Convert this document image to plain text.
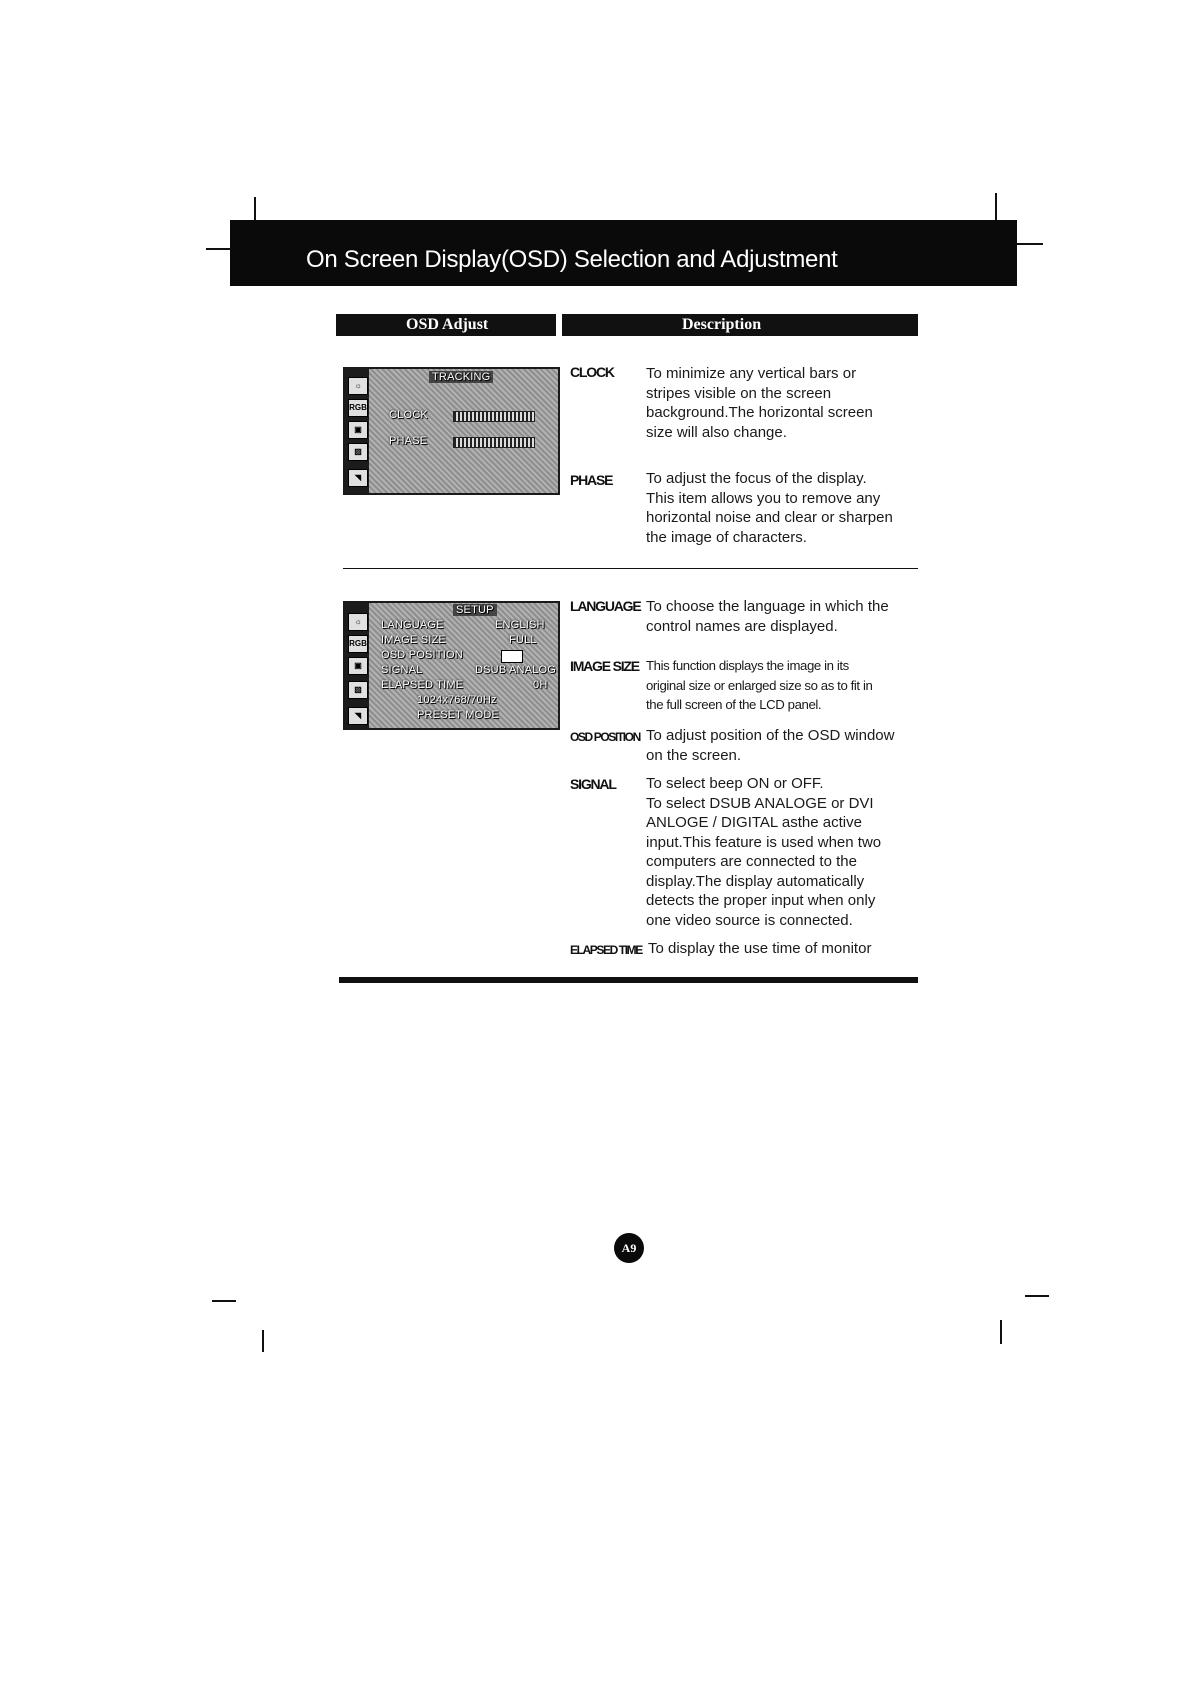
On Screen Display(OSD) Selection and Adjustment
OSD Adjust	Description
☼
RGB
▣
▨
◥
TRACKING
CLOCK
PHASE
CLOCK To minimize any vertical bars or
stripes visible on the screen
background.The horizontal screen
size will also change.
PHASE To adjust the focus of the display.
This item allows you to remove any
horizontal noise and clear or sharpen
the image of characters.
☼
RGB
▣
▨
◥
SETUP
LANGUAGE	ENGLISH
IMAGE SIZE	FULL
OSD POSITION
SIGNAL	DSUB ANALOG
ELAPSED TIME	0H
1024x768/70Hz
PRESET MODE
LANGUAGE To choose the language in which the
control names are displayed.
IMAGE SIZE This function displays the image in its
original size or enlarged size so as to fit in
the full screen of the LCD panel.
OSD POSITION To adjust position of the OSD window
on the screen.
SIGNAL To select beep ON or OFF.
To select DSUB ANALOGE or DVI
ANLOGE / DIGITAL asthe active
input.This feature is used when two
computers are connected to the
display.The display automatically
detects the proper input when only
one video source is connected.
ELAPSED TIME To display the use time of monitor
A9
